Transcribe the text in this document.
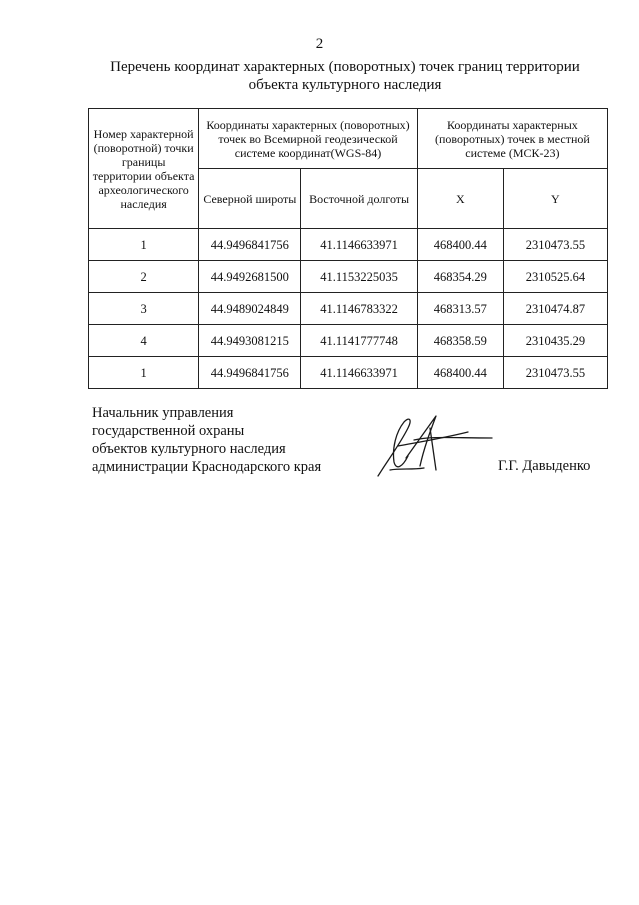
2
Перечень координат характерных (поворотных) точек границ территории
объекта культурного наследия
Номер характерной (поворотной) точки границы территории объекта археологического наследия	Координаты характерных (поворотных) точек во Всемирной геодезической системе координат(WGS-84)		Координаты характерных (поворотных) точек в местной системе (МСК-23)	
	Северной широты	Восточной долготы	X	Y
1	44.9496841756	41.1146633971	468400.44	2310473.55
2	44.9492681500	41.1153225035	468354.29	2310525.64
3	44.9489024849	41.1146783322	468313.57	2310474.87
4	44.9493081215	41.1141777748	468358.59	2310435.29
1	44.9496841756	41.1146633971	468400.44	2310473.55
Начальник управления
государственной охраны
объектов культурного наследия
администрации Краснодарского края	Г.Г. Давыденко
